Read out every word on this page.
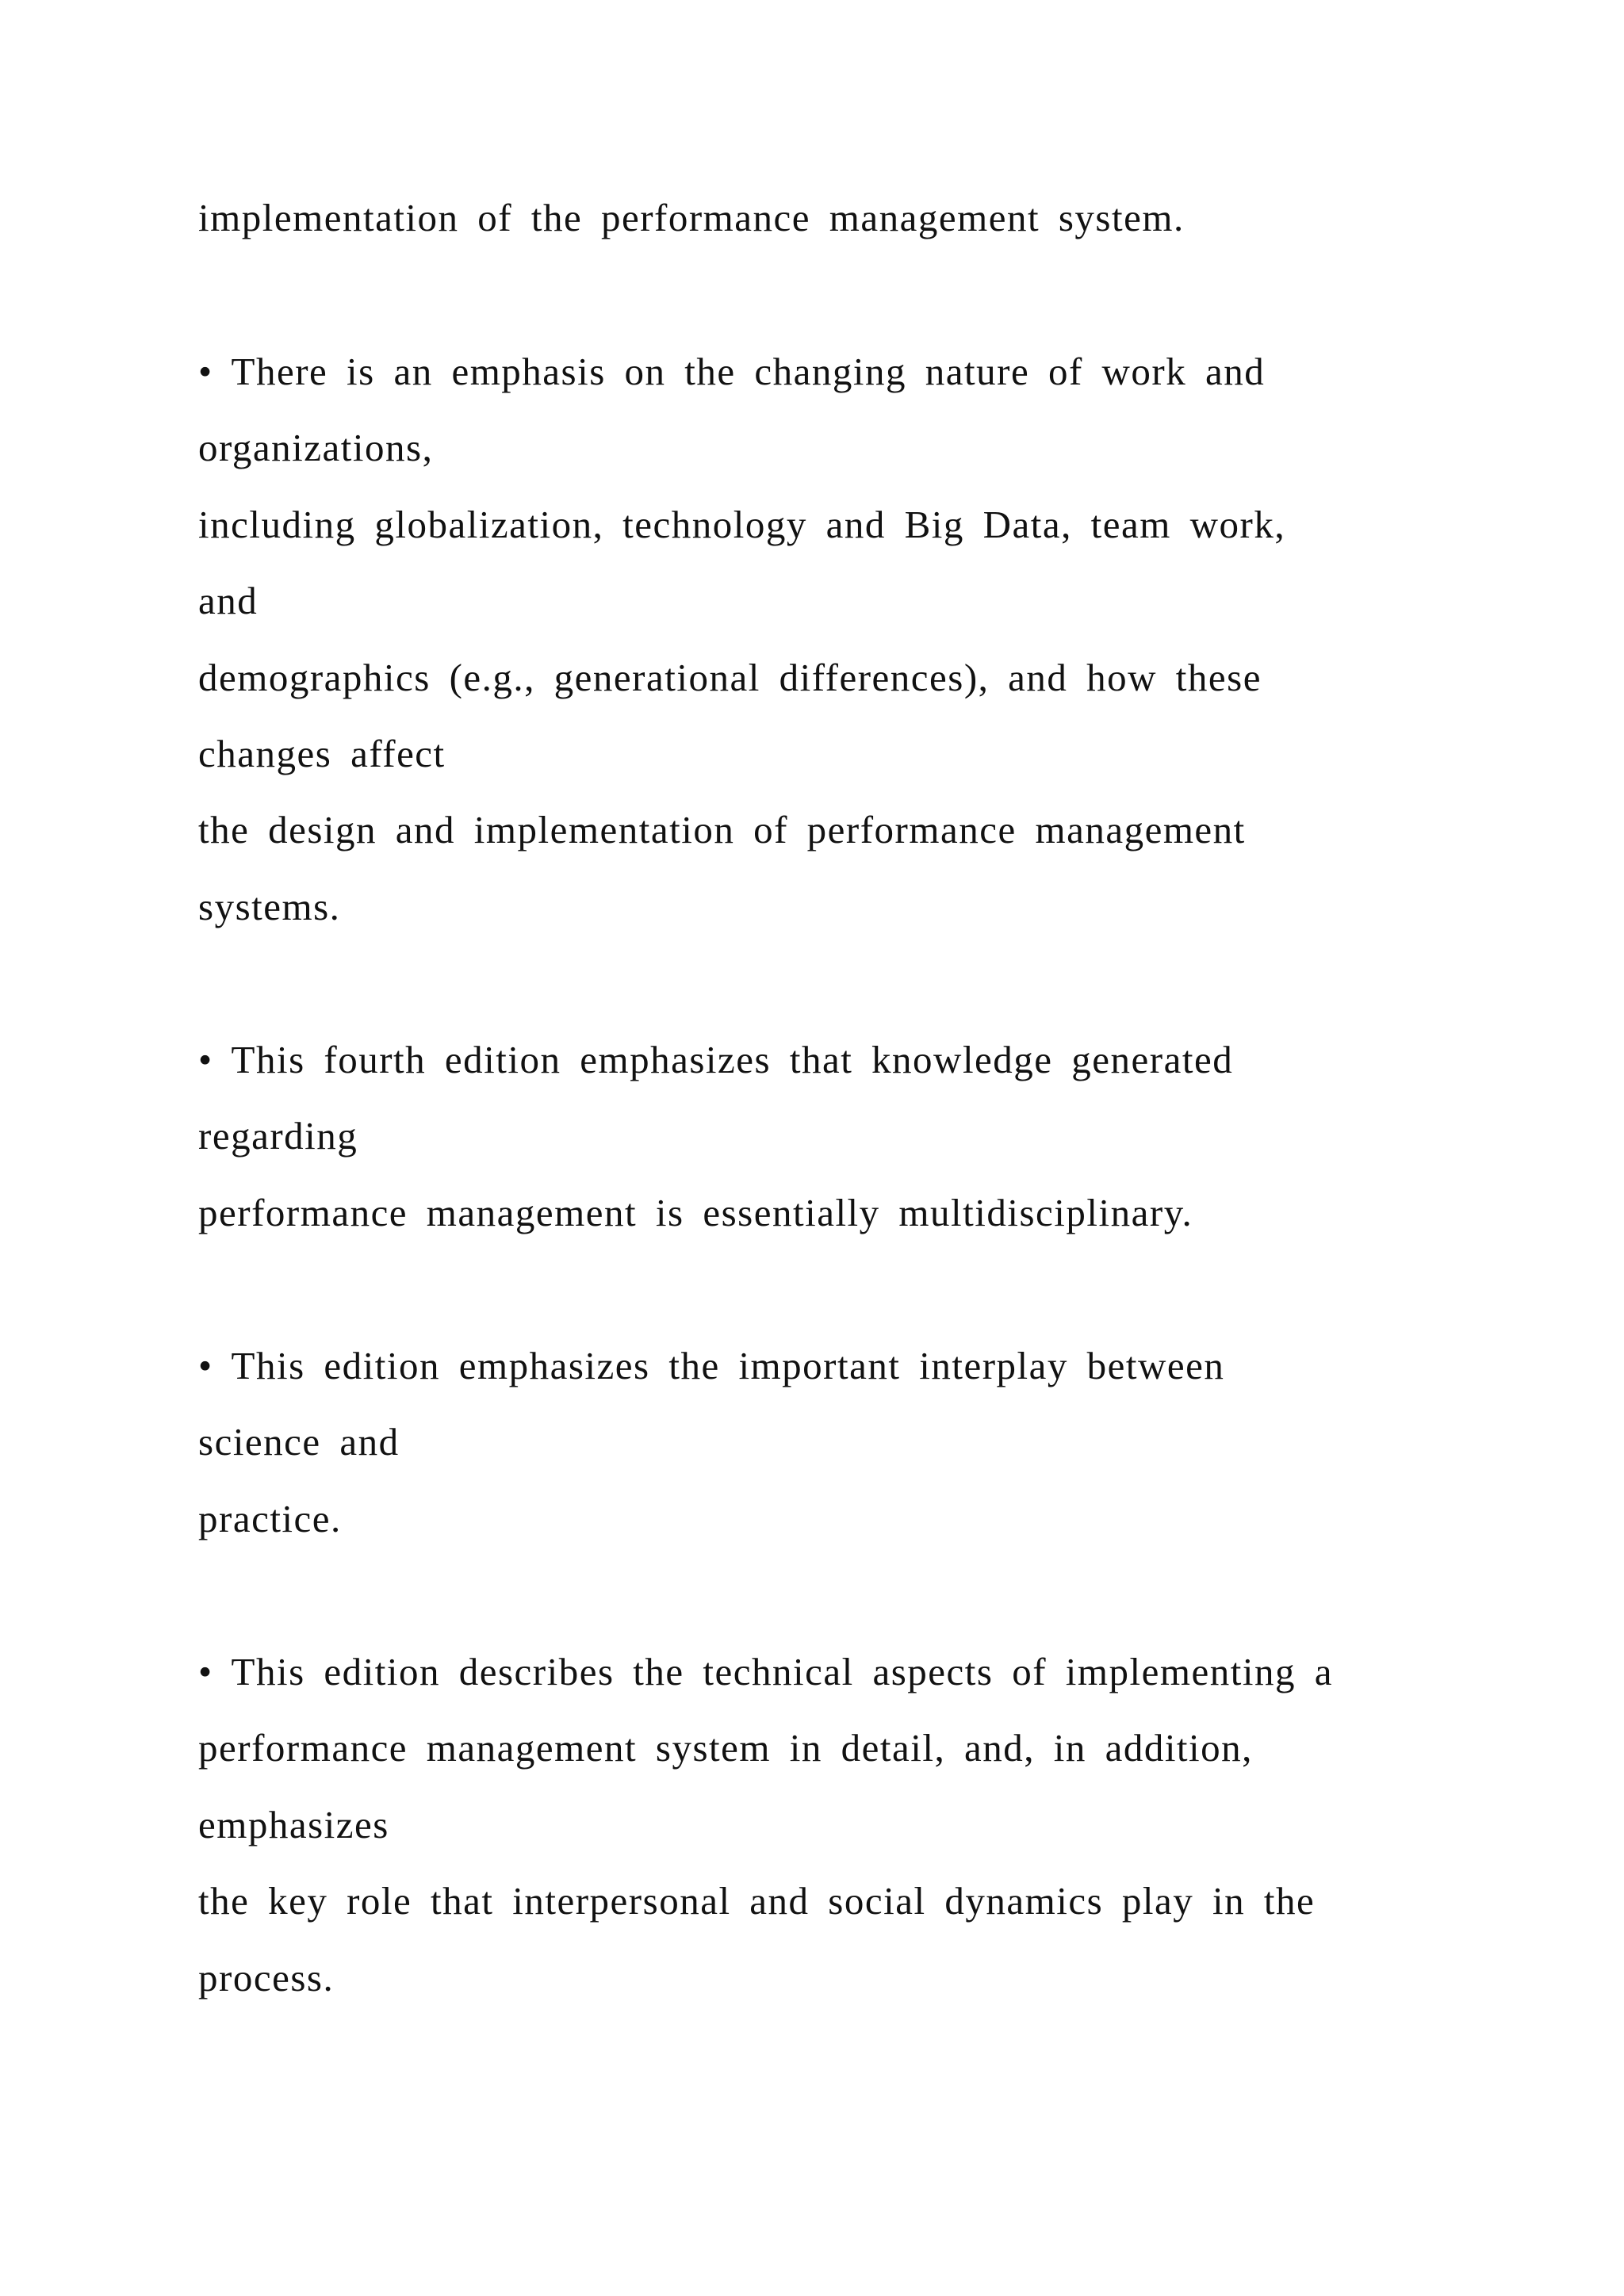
implementation of the performance management system.

• There is an emphasis on the changing nature of work and

organizations,

including globalization, technology and Big Data, team work,

and

demographics (e.g., generational differences), and how these

changes affect

the design and implementation of performance management

systems.

• This fourth edition emphasizes that knowledge generated

regarding

performance management is essentially multidisciplinary.

• This edition emphasizes the important interplay between

science and

practice.

• This edition describes the technical aspects of implementing a

performance management system in detail, and, in addition,

emphasizes

the key role that interpersonal and social dynamics play in the

process.
